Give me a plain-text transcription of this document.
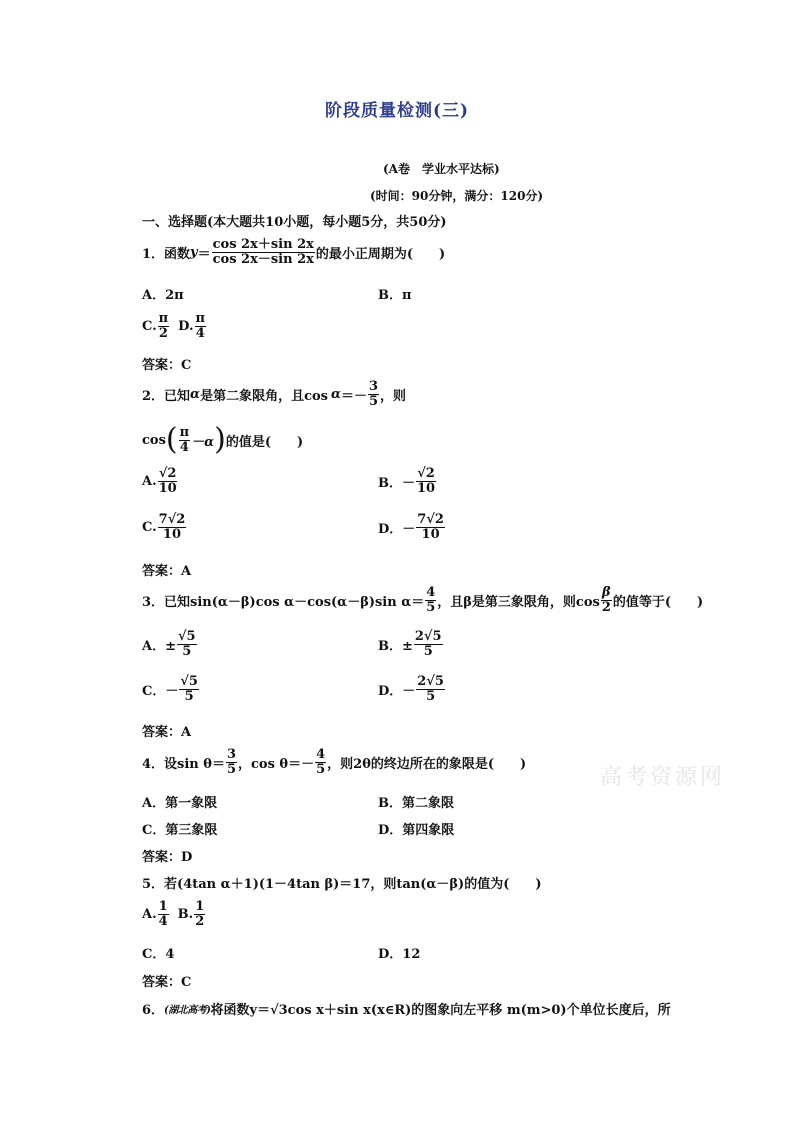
阶段质量检测(三)
(A卷　学业水平达标)
(时间：90分钟，满分：120分)
一、选择题(本大题共10小题，每小题5分，共50分)
1．函数 $y = \frac{\cos 2x+\sin 2x}{\cos 2x-\sin 2x}$ 的最小正周期为(　　)
A．2π	B．π
C. $\frac{\pi}{2} D$. $\frac{\pi}{4}$
答案：C
2．已知 α 是第二象限角，且$\cos \alpha =- \frac{3}{5}$ ，则
cos ( $\frac{\pi}{4} -\alpha$ ) 的值是(　　)
A. $\frac{√2}{10}$	B．－ $\frac{√2}{10}$
C. $\frac{7√2}{10}$	D．－ $\frac{7√2}{10}$
答案：A
3．已知sin(α－β)cos α－cos(α－β)sin $\alpha= \frac{4}{5}$ ，且β是第三象限角，则$\cos \frac{\beta}{2}$ 的值等于(　　)
A．± $\frac{√5}{5}$	B．± $\frac{2√5}{5}$
C．－ $\frac{√5}{5}$	D．－ $\frac{2√5}{5}$
答案：A
4．设$\sin \theta= \frac{3}{5}$ ，$\cos \theta=- \frac{4}{5}$ ，则2θ的终边所在的象限是(　　)
A．第一象限	B．第二象限
C．第三象限	D．第四象限
答案：D
5．若(4tan α＋1)(1－4tan β)＝17，则tan(α－β)的值为(　　)
A. $\frac{1}{4} B$. $\frac{1}{2}$
C．4	D．12
答案：C
6． (湖北高考) 将函数y＝√3cos x＋sin x(x∈R)的图象向左平移 m(m>0)个单位长度后，所
高考资源网
